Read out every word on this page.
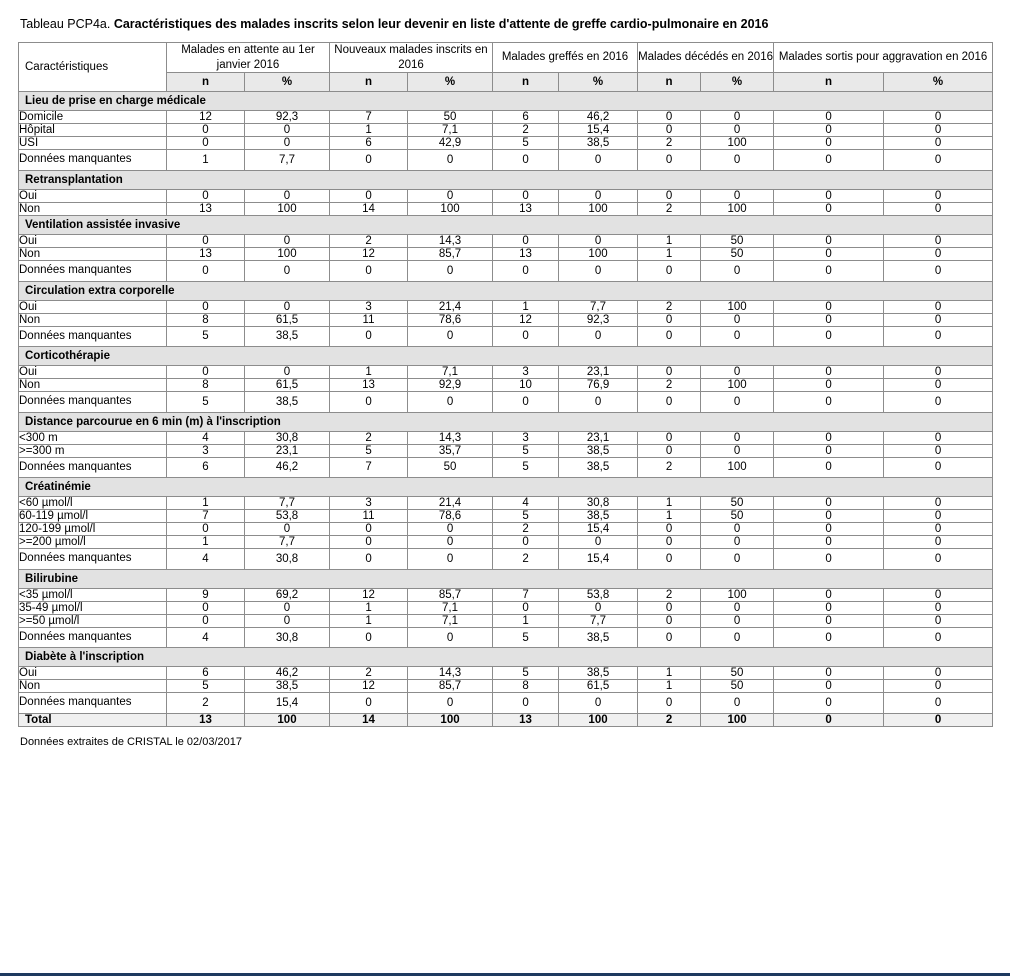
Tableau PCP4a. Caractéristiques des malades inscrits selon leur devenir en liste d'attente de greffe cardio-pulmonaire en 2016
Caractéristiques	Malades en attente au 1er janvier 2016		Nouveaux malades inscrits en 2016		Malades greffés en 2016		Malades décédés en 2016		Malades sortis pour aggravation en 2016	
	n	%	n	%	n	%	n	%	n	%
Lieu de prise en charge médicale										
Domicile	12	92,3	7	50	6	46,2	0	0	0	0
Hôpital	0	0	1	7,1	2	15,4	0	0	0	0
USI	0	0	6	42,9	5	38,5	2	100	0	0
Données manquantes	1	7,7	0	0	0	0	0	0	0	0
Retransplantation										
Oui	0	0	0	0	0	0	0	0	0	0
Non	13	100	14	100	13	100	2	100	0	0
Ventilation assistée invasive										
Oui	0	0	2	14,3	0	0	1	50	0	0
Non	13	100	12	85,7	13	100	1	50	0	0
Données manquantes	0	0	0	0	0	0	0	0	0	0
Circulation extra corporelle										
Oui	0	0	3	21,4	1	7,7	2	100	0	0
Non	8	61,5	11	78,6	12	92,3	0	0	0	0
Données manquantes	5	38,5	0	0	0	0	0	0	0	0
Corticothérapie										
Oui	0	0	1	7,1	3	23,1	0	0	0	0
Non	8	61,5	13	92,9	10	76,9	2	100	0	0
Données manquantes	5	38,5	0	0	0	0	0	0	0	0
Distance parcourue en 6 min (m) à l'inscription										
<300 m	4	30,8	2	14,3	3	23,1	0	0	0	0
>=300 m	3	23,1	5	35,7	5	38,5	0	0	0	0
Données manquantes	6	46,2	7	50	5	38,5	2	100	0	0
Créatinémie										
<60 µmol/l	1	7,7	3	21,4	4	30,8	1	50	0	0
60-119 µmol/l	7	53,8	11	78,6	5	38,5	1	50	0	0
120-199 µmol/l	0	0	0	0	2	15,4	0	0	0	0
>=200 µmol/l	1	7,7	0	0	0	0	0	0	0	0
Données manquantes	4	30,8	0	0	2	15,4	0	0	0	0
Bilirubine										
<35 µmol/l	9	69,2	12	85,7	7	53,8	2	100	0	0
35-49 µmol/l	0	0	1	7,1	0	0	0	0	0	0
>=50 µmol/l	0	0	1	7,1	1	7,7	0	0	0	0
Données manquantes	4	30,8	0	0	5	38,5	0	0	0	0
Diabète à l'inscription										
Oui	6	46,2	2	14,3	5	38,5	1	50	0	0
Non	5	38,5	12	85,7	8	61,5	1	50	0	0
Données manquantes	2	15,4	0	0	0	0	0	0	0	0
Total	13	100	14	100	13	100	2	100	0	0
Données extraites de CRISTAL le 02/03/2017
